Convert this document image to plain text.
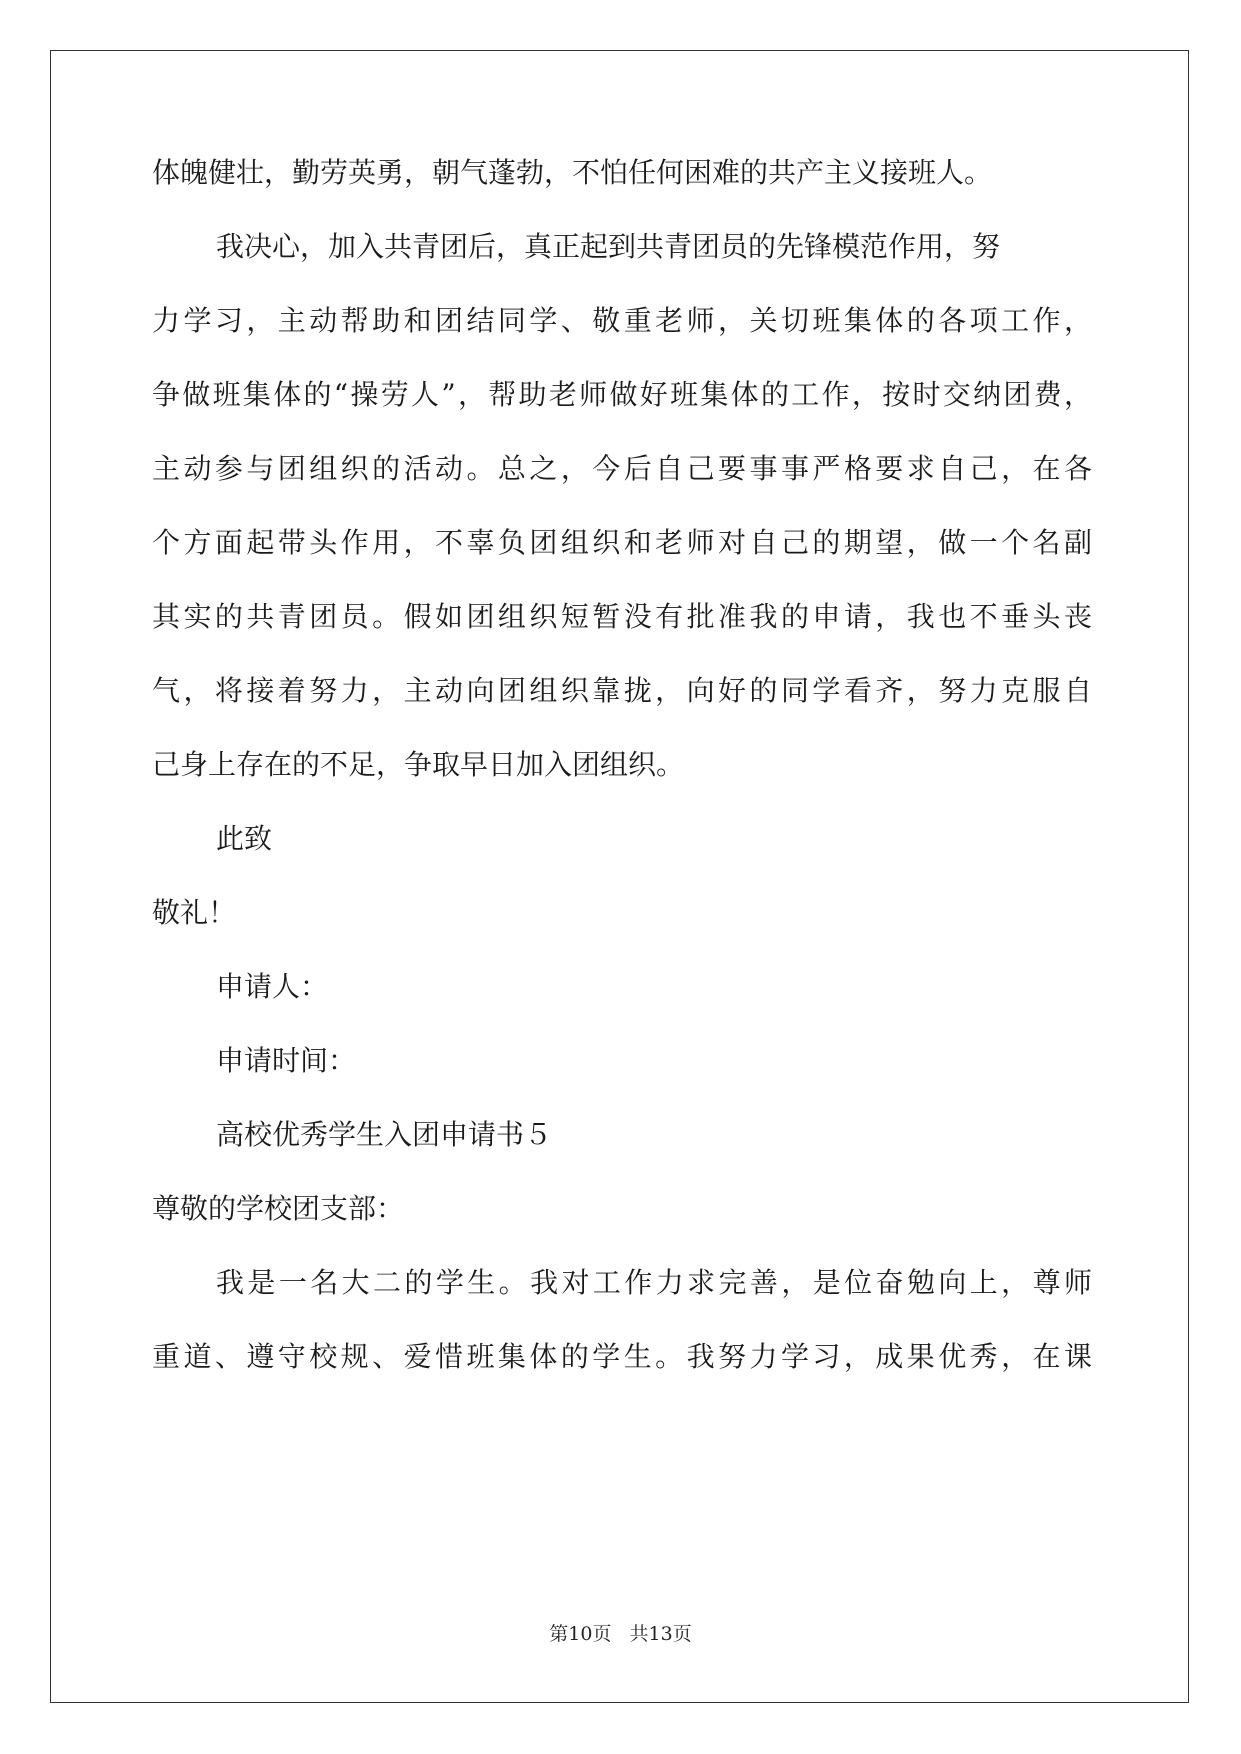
体魄健壮，勤劳英勇，朝气蓬勃，不怕任何困难的共产主义接班人。
我决心，加入共青团后，真正起到共青团员的先锋模范作用，努
力学习，主动帮助和团结同学、敬重老师，关切班集体的各项工作，
争做班集体的“操劳人”，帮助老师做好班集体的工作，按时交纳团费，
主动参与团组织的活动。总之，今后自己要事事严格要求自己，在各
个方面起带头作用，不辜负团组织和老师对自己的期望，做一个名副
其实的共青团员。假如团组织短暂没有批准我的申请，我也不垂头丧
气，将接着努力，主动向团组织靠拢，向好的同学看齐，努力克服自
己身上存在的不足，争取早日加入团组织。
此致
敬礼！
申请人：
申请时间：
高校优秀学生入团申请书５
尊敬的学校团支部：
我是一名大二的学生。我对工作力求完善，是位奋勉向上，尊师
重道、遵守校规、爱惜班集体的学生。我努力学习，成果优秀，在课
第10页 共13页
